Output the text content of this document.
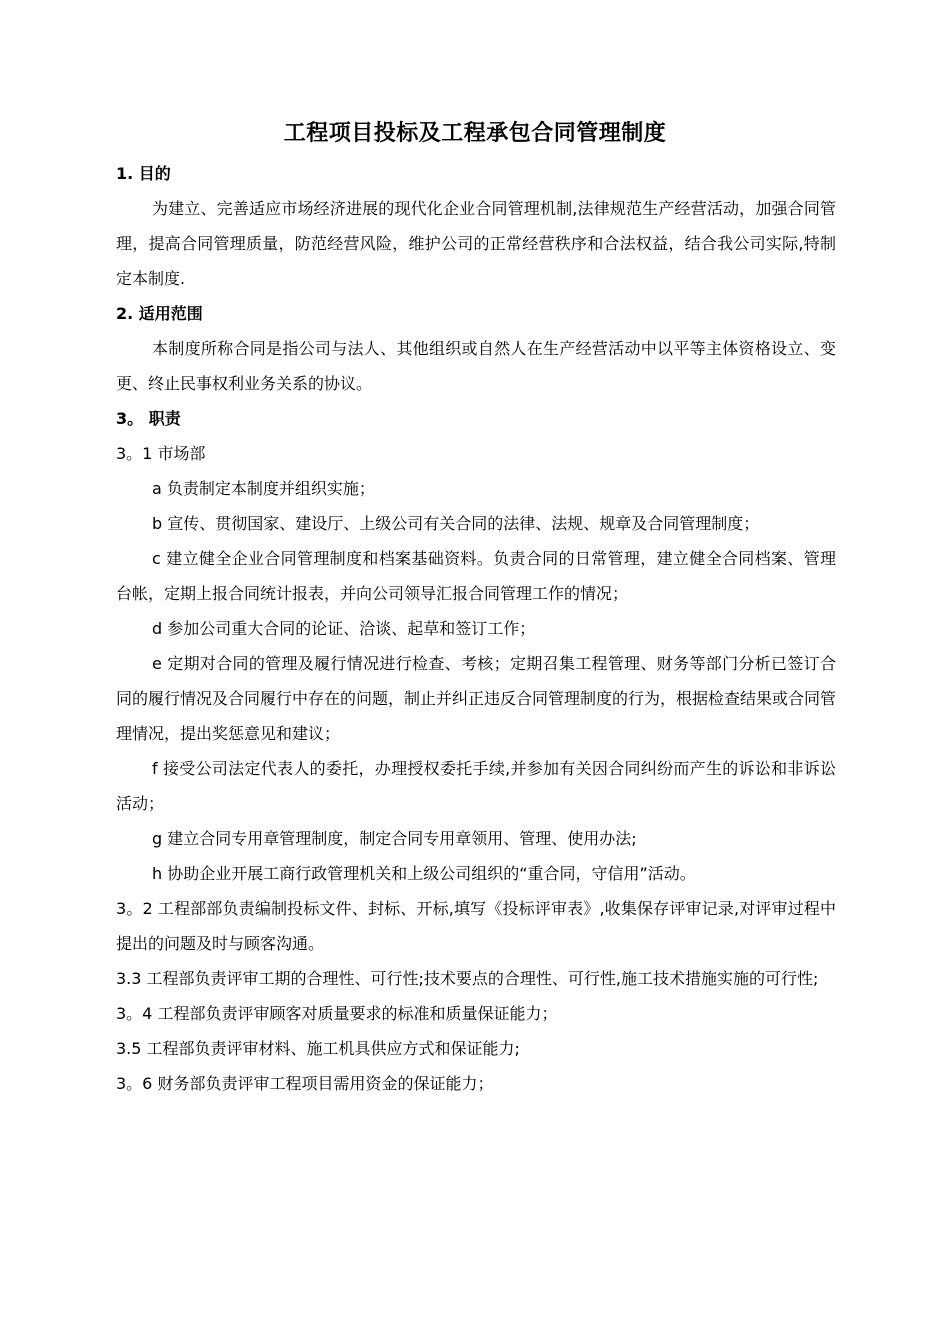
工程项目投标及工程承包合同管理制度

1. 目的

为建立、完善适应市场经济进展的现代化企业合同管理机制,法律规范生产经营活动，加强合同管理，提高合同管理质量，防范经营风险，维护公司的正常经营秩序和合法权益，结合我公司实际,特制定本制度.

2. 适用范围

本制度所称合同是指公司与法人、其他组织或自然人在生产经营活动中以平等主体资格设立、变更、终止民事权利业务关系的协议。

3。 职责

3。1 市场部

a 负责制定本制度并组织实施；

b 宣传、贯彻国家、建设厅、上级公司有关合同的法律、法规、规章及合同管理制度；

c 建立健全企业合同管理制度和档案基础资料。负责合同的日常管理，建立健全合同档案、管理台帐，定期上报合同统计报表，并向公司领导汇报合同管理工作的情况；

d 参加公司重大合同的论证、洽谈、起草和签订工作；

e 定期对合同的管理及履行情况进行检查、考核；定期召集工程管理、财务等部门分析已签订合同的履行情况及合同履行中存在的问题，制止并纠正违反合同管理制度的行为，根据检查结果或合同管理情况，提出奖惩意见和建议；

f 接受公司法定代表人的委托，办理授权委托手续,并参加有关因合同纠纷而产生的诉讼和非诉讼活动；

g 建立合同专用章管理制度，制定合同专用章领用、管理、使用办法;

h 协助企业开展工商行政管理机关和上级公司组织的“重合同，守信用”活动。

3。2 工程部部负责编制投标文件、封标、开标,填写《投标评审表》,收集保存评审记录,对评审过程中提出的问题及时与顾客沟通。

3.3 工程部负责评审工期的合理性、可行性;技术要点的合理性、可行性,施工技术措施实施的可行性;

3。4 工程部负责评审顾客对质量要求的标准和质量保证能力；

3.5 工程部负责评审材料、施工机具供应方式和保证能力;

3。6 财务部负责评审工程项目需用资金的保证能力；
